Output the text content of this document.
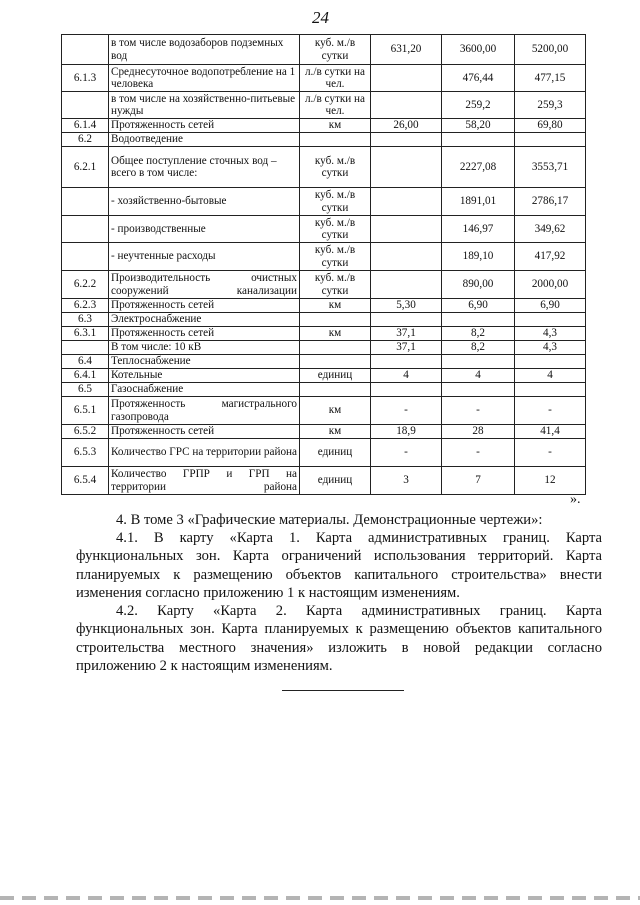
24
	в том числе водозаборов подземных вод	куб. м./в сутки	631,20	3600,00	5200,00
6.1.3	Среднесуточное водопотребление на 1 человека	л./в сутки на чел.		476,44	477,15
	в том числе на хозяйственно-питьевые нужды	л./в сутки на чел.		259,2	259,3
6.1.4	Протяженность сетей	км	26,00	58,20	69,80
6.2	Водоотведение				
6.2.1	Общее поступление сточных вод – всего в том числе:	куб. м./в сутки		2227,08	3553,71
	- хозяйственно-бытовые	куб. м./в сутки		1891,01	2786,17
	- производственные	куб. м./в сутки		146,97	349,62
	- неучтенные расходы	куб. м./в сутки		189,10	417,92
6.2.2	Производительность очистных сооружений канализации	куб. м./в сутки		890,00	2000,00
6.2.3	Протяженность сетей	км	5,30	6,90	6,90
6.3	Электроснабжение				
6.3.1	Протяженность сетей	км	37,1	8,2	4,3
	В том числе: 10 кВ		37,1	8,2	4,3
6.4	Теплоснабжение				
6.4.1	Котельные	единиц	4	4	4
6.5	Газоснабжение				
6.5.1	Протяженность магистрального газопровода	км	-	-	-
6.5.2	Протяженность сетей	км	18,9	28	41,4
6.5.3	Количество ГРС на территории района	единиц	-	-	-
6.5.4	Количество ГРПР и ГРП на территории района	единиц	3	7	12
».
4. В томе 3 «Графические материалы. Демонстрационные чертежи»:
4.1. В карту «Карта 1. Карта административных границ. Карта функциональных зон. Карта ограничений использования территорий. Карта планируемых к размещению объектов капитального строительства» внести изменения согласно приложению 1 к настоящим изменениям.
4.2. Карту «Карта 2. Карта административных границ. Карта функциональных зон. Карта планируемых к размещению объектов капитального строительства местного значения» изложить в новой редакции согласно приложению 2 к настоящим изменениям.
